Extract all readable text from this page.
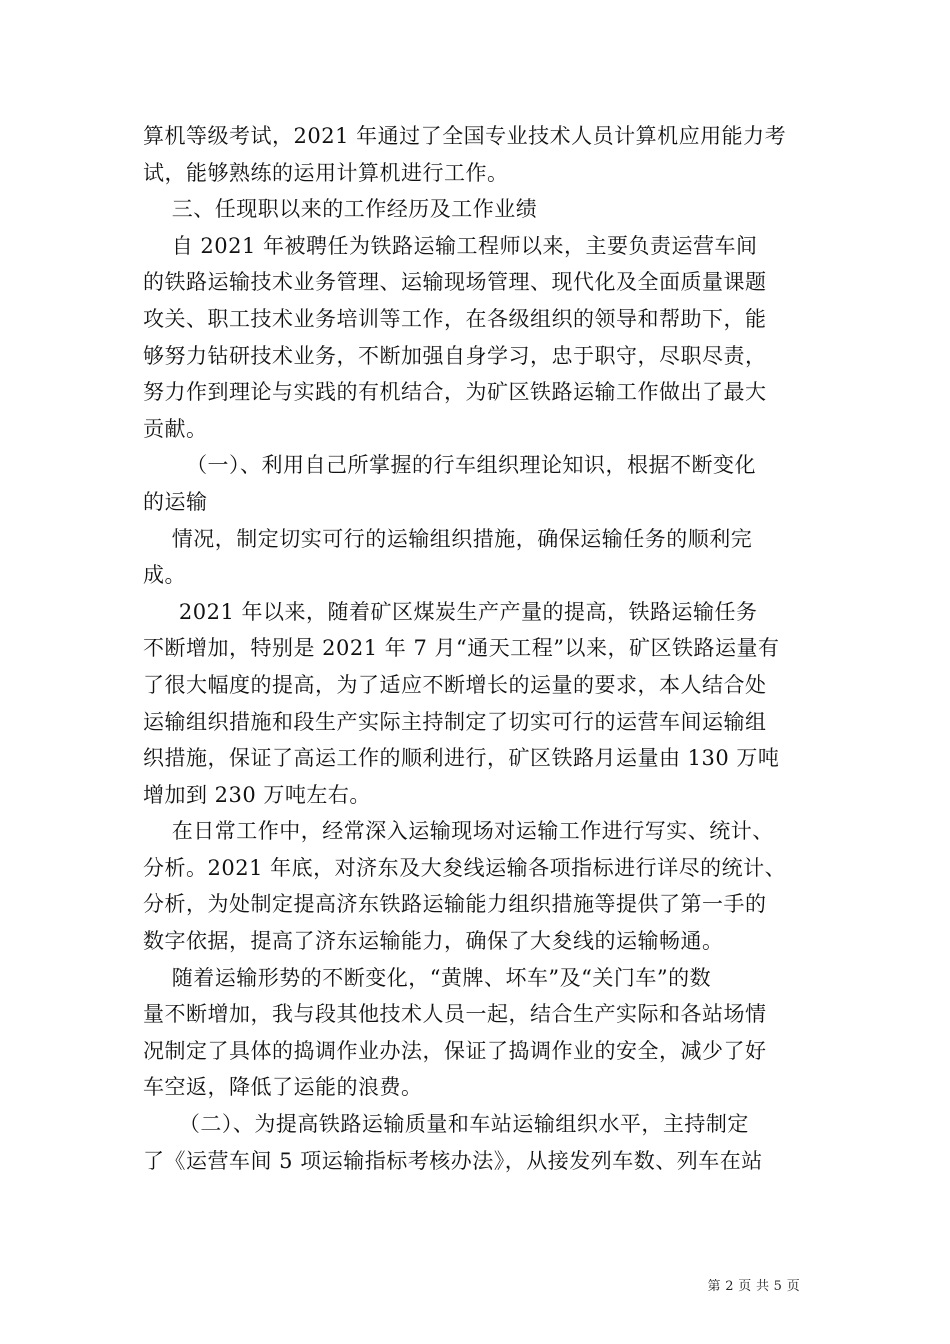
算机等级考试，2021 年通过了全国专业技术人员计算机应用能力考

试，能够熟练的运用计算机进行工作。

三、任现职以来的工作经历及工作业绩

自 2021 年被聘任为铁路运输工程师以来，主要负责运营车间

的铁路运输技术业务管理、运输现场管理、现代化及全面质量课题

攻关、职工技术业务培训等工作，在各级组织的领导和帮助下，能

够努力钻研技术业务，不断加强自身学习，忠于职守，尽职尽责，

努力作到理论与实践的有机结合，为矿区铁路运输工作做出了最大

贡献。

（一）、利用自己所掌握的行车组织理论知识，根据不断变化

的运输

情况，制定切实可行的运输组织措施，确保运输任务的顺利完

成。

2021 年以来，随着矿区煤炭生产产量的提高，铁路运输任务

不断增加，特别是 2021 年 7 月“通天工程”以来，矿区铁路运量有

了很大幅度的提高，为了适应不断增长的运量的要求，本人结合处

运输组织措施和段生产实际主持制定了切实可行的运营车间运输组

织措施，保证了高运工作的顺利进行，矿区铁路月运量由 130 万吨

增加到 230 万吨左右。

在日常工作中，经常深入运输现场对运输工作进行写实、统计、

分析。2021 年底，对济东及大夋线运输各项指标进行详尽的统计、

分析，为处制定提高济东铁路运输能力组织措施等提供了第一手的

数字依据，提高了济东运输能力，确保了大夋线的运输畅通。

随着运输形势的不断变化，“黄牌、坏车”及“关门车”的数

量不断增加，我与段其他技术人员一起，结合生产实际和各站场情

况制定了具体的捣调作业办法，保证了捣调作业的安全，减少了好

车空返，降低了运能的浪费。

（二）、为提高铁路运输质量和车站运输组织水平，主持制定

了《运营车间 5 项运输指标考核办法》，从接发列车数、列车在站

第 2 页 共 5 页
